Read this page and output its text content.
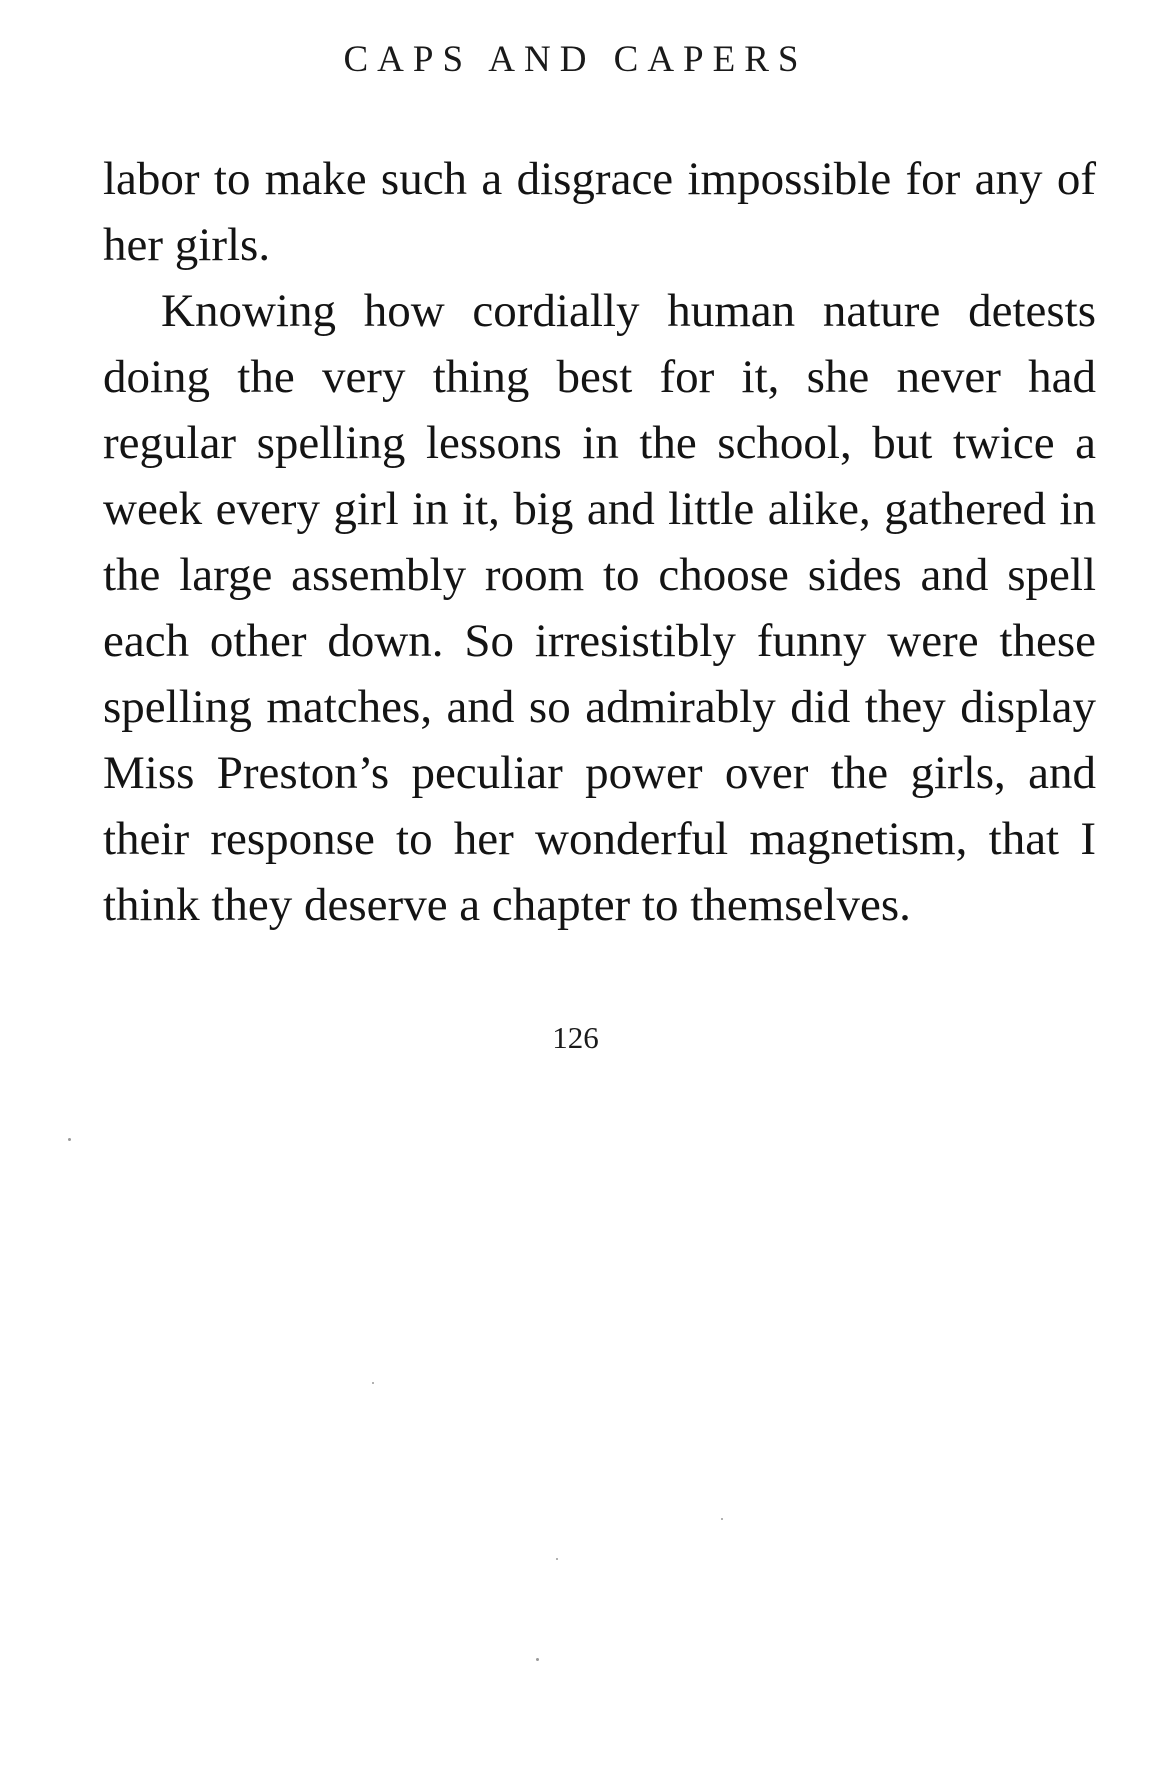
CAPS AND CAPERS

labor to make such a disgrace impossible for any of her girls.

Knowing how cordially human nature detests doing the very thing best for it, she never had regular spelling lessons in the school, but twice a week every girl in it, big and little alike, gathered in the large assembly room to choose sides and spell each other down. So irresistibly funny were these spelling matches, and so admirably did they display Miss Preston’s peculiar power over the girls, and their response to her wonderful magnetism, that I think they deserve a chapter to themselves.

126
